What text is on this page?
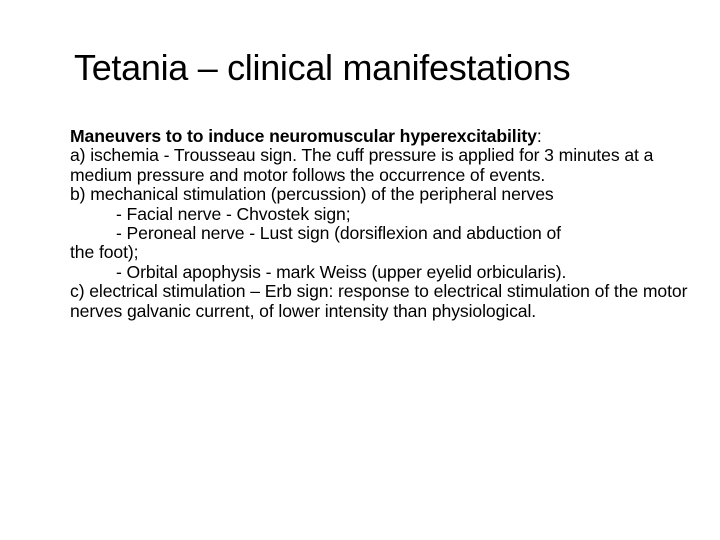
Tetania – clinical manifestations

Maneuvers to to induce neuromuscular hyperexcitability:

a) ischemia - Trousseau sign. The cuff pressure is applied for 3 minutes at a medium pressure and motor follows the occurrence of events.

b) mechanical stimulation (percussion) of the peripheral nerves

- Facial nerve - Chvostek sign;

- Peroneal nerve - Lust sign (dorsiflexion and abduction of

the foot);

- Orbital apophysis - mark Weiss (upper eyelid orbicularis).

c) electrical stimulation – Erb sign: response to electrical stimulation of the motor nerves galvanic current, of lower intensity than physiological.
